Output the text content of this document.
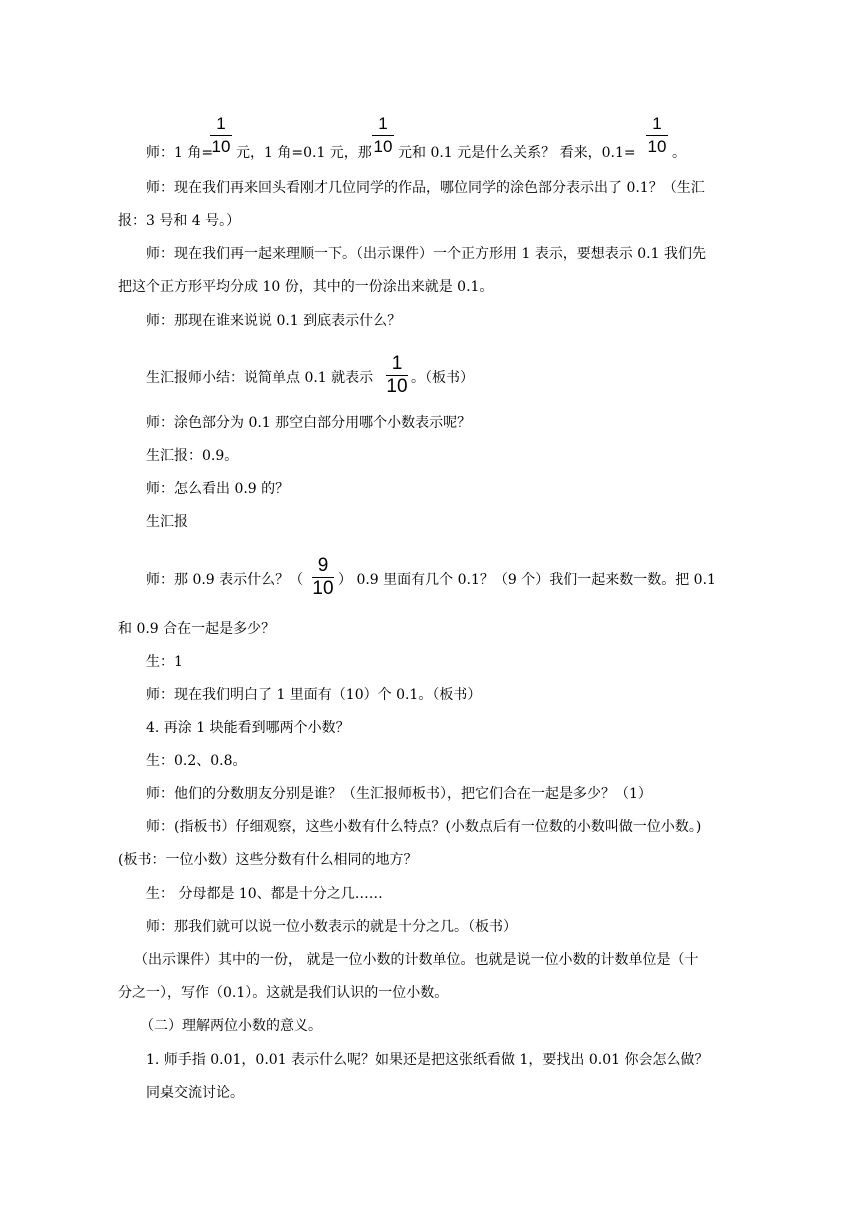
师：1 角=
1
10 元，1 角=0.1 元，那
1
10 元和 0.1 元是什么关系？ 看来，0.1=
1
10 。
师：现在我们再来回头看刚才几位同学的作品，哪位同学的涂色部分表示出了 0.1？（生汇
报：3 号和 4 号。）
师：现在我们再一起来理顺一下。（出示课件）一个正方形用 1 表示，要想表示 0.1 我们先
把这个正方形平均分成 10 份，其中的一份涂出来就是 0.1。
师：那现在谁来说说 0.1 到底表示什么？
生汇报师小结：说简单点 0.1 就表示
1
10 。（板书）
师：涂色部分为 0.1 那空白部分用哪个小数表示呢？
生汇报：0.9。
师：怎么看出 0.9 的？
生汇报
师：那 0.9 表示什么？（
9
10 ） 0.9 里面有几个 0.1？（9 个）我们一起来数一数。把 0.1
和 0.9 合在一起是多少？
生：1
师：现在我们明白了 1 里面有（10）个 0.1。（板书）
4. 再涂 1 块能看到哪两个小数？
生：0.2、0.8。
师：他们的分数朋友分别是谁？（生汇报师板书），把它们合在一起是多少？（1）
师：(指板书）仔细观察，这些小数有什么特点？(小数点后有一位数的小数叫做一位小数。)
(板书：一位小数）这些分数有什么相同的地方？
生： 分母都是 10、都是十分之几……
师：那我们就可以说一位小数表示的就是十分之几。（板书）
（出示课件）其中的一份， 就是一位小数的计数单位。也就是说一位小数的计数单位是（十
分之一），写作（0.1）。这就是我们认识的一位小数。
（二）理解两位小数的意义。
1. 师手指 0.01，0.01 表示什么呢？如果还是把这张纸看做 1，要找出 0.01 你会怎么做？
同桌交流讨论。
